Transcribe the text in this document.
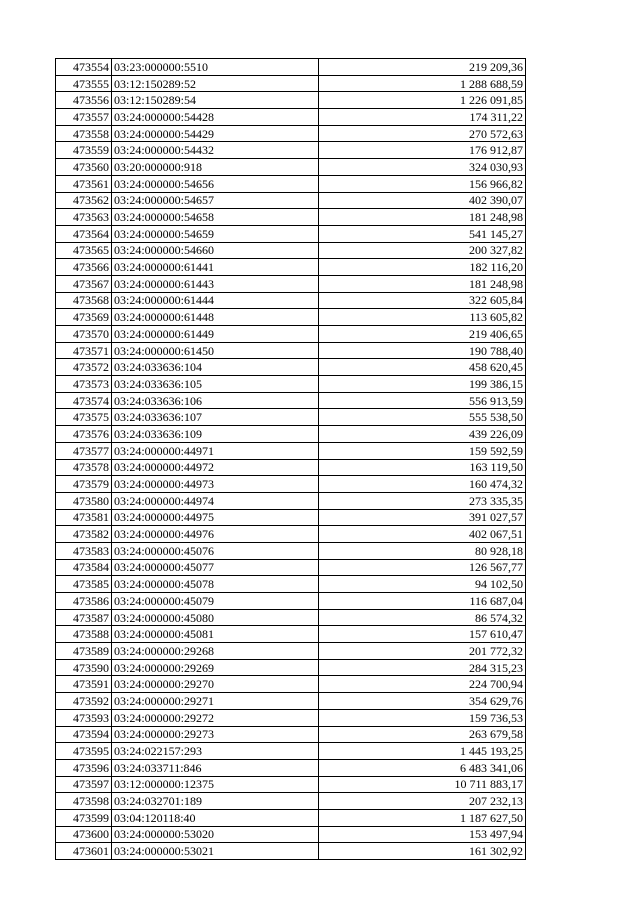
473554	03:23:000000:5510	219 209,36
473555	03:12:150289:52	1 288 688,59
473556	03:12:150289:54	1 226 091,85
473557	03:24:000000:54428	174 311,22
473558	03:24:000000:54429	270 572,63
473559	03:24:000000:54432	176 912,87
473560	03:20:000000:918	324 030,93
473561	03:24:000000:54656	156 966,82
473562	03:24:000000:54657	402 390,07
473563	03:24:000000:54658	181 248,98
473564	03:24:000000:54659	541 145,27
473565	03:24:000000:54660	200 327,82
473566	03:24:000000:61441	182 116,20
473567	03:24:000000:61443	181 248,98
473568	03:24:000000:61444	322 605,84
473569	03:24:000000:61448	113 605,82
473570	03:24:000000:61449	219 406,65
473571	03:24:000000:61450	190 788,40
473572	03:24:033636:104	458 620,45
473573	03:24:033636:105	199 386,15
473574	03:24:033636:106	556 913,59
473575	03:24:033636:107	555 538,50
473576	03:24:033636:109	439 226,09
473577	03:24:000000:44971	159 592,59
473578	03:24:000000:44972	163 119,50
473579	03:24:000000:44973	160 474,32
473580	03:24:000000:44974	273 335,35
473581	03:24:000000:44975	391 027,57
473582	03:24:000000:44976	402 067,51
473583	03:24:000000:45076	80 928,18
473584	03:24:000000:45077	126 567,77
473585	03:24:000000:45078	94 102,50
473586	03:24:000000:45079	116 687,04
473587	03:24:000000:45080	86 574,32
473588	03:24:000000:45081	157 610,47
473589	03:24:000000:29268	201 772,32
473590	03:24:000000:29269	284 315,23
473591	03:24:000000:29270	224 700,94
473592	03:24:000000:29271	354 629,76
473593	03:24:000000:29272	159 736,53
473594	03:24:000000:29273	263 679,58
473595	03:24:022157:293	1 445 193,25
473596	03:24:033711:846	6 483 341,06
473597	03:12:000000:12375	10 711 883,17
473598	03:24:032701:189	207 232,13
473599	03:04:120118:40	1 187 627,50
473600	03:24:000000:53020	153 497,94
473601	03:24:000000:53021	161 302,92
